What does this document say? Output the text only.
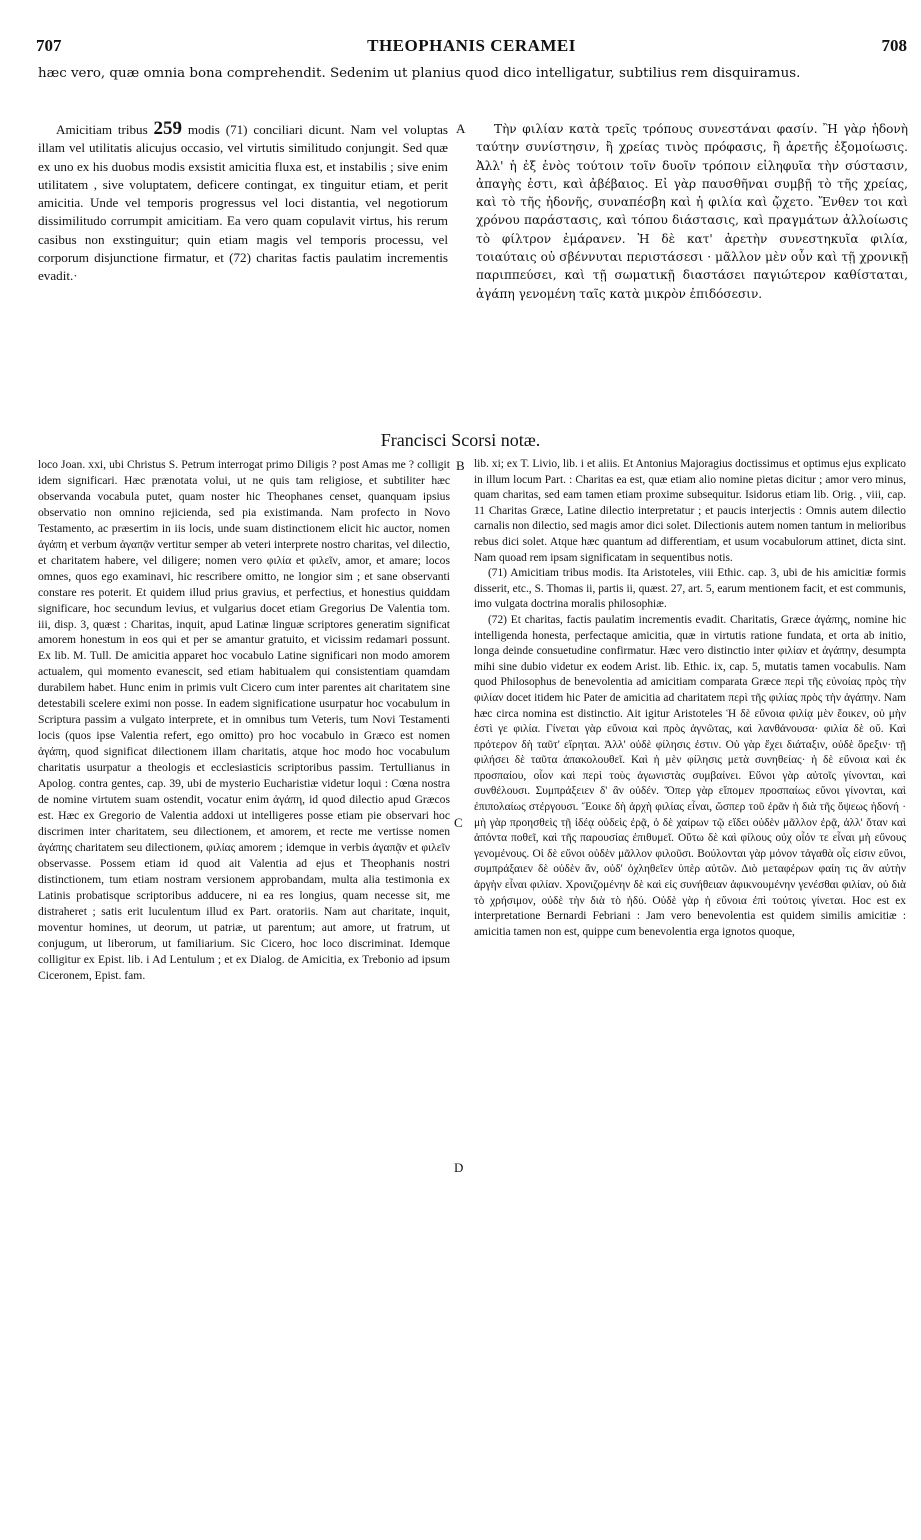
707	THEOPHANIS CERAMEI	708
hæc vero, quæ omnia bona comprehendit. Sedenim ut planius quod dico intelligatur, subtilius rem disquiramus.

Amicitiam tribus 259 modis (71) conciliari dicunt. Nam vel voluptas illam vel utilitatis alicujus occasio, vel virtutis similitudo conjungit. Sed quæ ex uno ex his duobus modis exsistit amicitia fluxa est, et instabilis ; sive enim utilitatem , sive voluptatem, deficere contingat, ex tinguitur etiam, et perit amicitia. Unde vel temporis progressus vel loci distantia, vel negotiorum dissimilitudo corrumpit amicitiam. Ea vero quam copulavit virtus, his rerum casibus non exstinguitur; quin etiam magis vel temporis processu, vel corporum disjunctione firmatur, et (72) charitas factis paulatim incrementis evadit.·

A	Τὴν φιλίαν κατὰ τρεῖς τρόπους συνεστάναι φασίν. Ἢ γὰρ ἡδονὴ ταύτην συνίστησιν, ἢ χρείας τινὸς πρόφασις, ἢ ἀρετῆς ἐξομοίωσις. Ἀλλ' ἡ ἐξ ἑνὸς τούτοιν τοῖν δυοῖν τρόποιν εἰληφυῖα τὴν σύστασιν, ἀπαγὴς ἐστι, καὶ ἀβέβαιος. Εἰ γὰρ παυσθῆναι συμβῇ τὸ τῆς χρείας, καὶ τὸ τῆς ἡδονῆς, συναπέσβη καὶ ἡ φιλία καὶ ᾤχετο. Ἔνθεν τοι καὶ χρόνου παράστασις, καὶ τόπου διάστασις, καὶ πραγμάτων ἀλλοίωσις τὸ φίλτρον ἐμάρανεν. Ἡ δὲ κατ' ἀρετὴν συνεστηκυῖα φιλία, τοιαύταις οὐ σβέννυται περιστάσεσι · μᾶλλον μὲν οὖν καὶ τῇ χρονικῇ παριππεύσει, καὶ τῇ σωματικῇ διαστάσει παγιώτερον καθίσταται, ἀγάπη γενομένη ταῖς κατὰ μικρὸν ἐπιδόσεσιν.

Francisci Scorsi notæ.

loco Joan. xxi, ubi Christus S. Petrum interrogat primo Diligis ? post Amas me ? colligit idem significari. Hæc prænotata volui, ut ne quis tam religiose, et subtiliter hæc observanda vocabula putet, quam noster hic Theophanes censet, quanquam ipsius observatio non omnino rejicienda, sed pia existimanda. Nam profecto in Novo Testamento, ac præsertim in iis locis, unde suam distinctionem elicit hic auctor, nomen ἀγάπη et verbum ἀγαπᾷν vertitur semper ab veteri interprete nostro charitas, vel dilectio, et charitatem habere, vel diligere; nomen vero φιλία et φιλεῖν, amor, et amare; locos omnes, quos ego examinavi, hic rescribere omitto, ne longior sim ; et sane observanti constare res poterit. Et quidem illud prius gravius, et perfectius, et honestius quiddam significare, hoc secundum levius, et vulgarius docet etiam Gregorius De Valentia tom. iii, disp. 3, quæst : Charitas, inquit, apud Latinæ linguæ scriptores generatim significat amorem honestum in eos qui et per se amantur gratuito, et vicissim redamari possunt. Ex lib. M. Tull. De amicitia apparet hoc vocabulo Latine significari non modo amorem actualem, qui momento evanescit, sed etiam habitualem qui consistentiam quamdam durabilem habet. Hunc enim in primis vult Cicero cum inter parentes ait charitatem sine detestabili scelere eximi non posse. In eadem significatione usurpatur hoc vocabulum in Scriptura passim a vulgato interprete, et in omnibus tum Veteris, tum Novi Testamenti locis (quos ipse Valentia refert, ego omitto) pro hoc vocabulo in Græco est nomen ἀγάπη, quod significat dilectionem illam charitatis, atque hoc modo hoc vocabulum charitatis usurpatur a theologis et ecclesiasticis scriptoribus passim. Tertullianus in Apolog. contra gentes, cap. 39, ubi de mysterio Eucharistiæ videtur loqui : Cœna nostra de nomine virtutem suam ostendit, vocatur enim ἀγάπη, id quod dilectio apud Græcos est. Hæc ex Gregorio de Valentia addoxi ut intelligeres posse etiam pie observari hoc discrimen inter charitatem, seu dilectionem, et amorem, et recte me vertisse nomen ἀγάπης charitatem seu dilectionem, φιλίας amorem ; idemque in verbis ἀγαπᾷν et φιλεῖν observasse. Possem etiam id quod ait Valentia ad ejus et Theophanis nostri distinctionem, tum etiam nostram versionem approbandam, multa alia testimonia ex Latinis probatisque scriptoribus adducere, ni ea res longius, quam necesse sit, me distraheret ; satis erit luculentum illud ex Part. oratoriis. Nam aut charitate, inquit, moventur homines, ut deorum, ut patriæ, ut parentum; aut amore, ut fratrum, ut conjugum, ut liberorum, ut familiarium. Sic Cicero, hoc loco discriminat. Idemque colligitur ex Epist. lib. i Ad Lentulum ; et ex Dialog. de Amicitia, ex Trebonio ad ipsum Ciceronem, Epist. fam.

B
C
D

lib. xi; ex T. Livio, lib. i et aliis. Et Antonius Majoragius doctissimus et optimus ejus explicato in illum locum Part. : Charitas ea est, quæ etiam alio nomine pietas dicitur ; amor vero minus, quam charitas, sed eam tamen etiam proxime subsequitur. Isidorus etiam lib. Orig. , viii, cap. 11 Charitas Græce, Latine dilectio interpretatur ; et paucis interjectis : Omnis autem dilectio carnalis non dilectio, sed magis amor dici solet. Dilectionis autem nomen tantum in melioribus rebus dici solet. Atque hæc quantum ad differentiam, et usum vocabulorum attinet, dicta sint. Nam quoad rem ipsam significatam in sequentibus notis.

(71) Amicitiam tribus modis. Ita Aristoteles, viii Ethic. cap. 3, ubi de his amicitiæ formis disserit, etc., S. Thomas ii, partis ii, quæst. 27, art. 5, earum mentionem facit, et est communis, imo vulgata doctrina moralis philosophiæ.

(72) Et charitas, factis paulatim incrementis evadit. Charitatis, Græce ἀγάπης, nomine hic intelligenda honesta, perfectaque amicitia, quæ in virtutis ratione fundata, et orta ab initio, longa deinde consuetudine confirmatur. Hæc vero distinctio inter φιλίαν et ἀγάπην, desumpta mihi sine dubio videtur ex eodem Arist. lib. Ethic. ix, cap. 5, mutatis tamen vocabulis. Nam quod Philosophus de benevolentia ad amicitiam comparata Græce περὶ τῆς εὐνοίας πρὸς τὴν φιλίαν docet itidem hic Pater de amicitia ad charitatem περὶ τῆς φιλίας πρὸς τὴν ἀγάπην. Nam hæc circa nomina est distinctio. Ait igitur Aristoteles Ἡ δὲ εὔνοια φιλίᾳ μὲν ἔοικεν, οὐ μὴν ἐστὶ γε φιλία. Γίνεται γὰρ εὔνοια καὶ πρὸς ἀγνῶτας, καὶ λανθάνουσα· φιλία δὲ οὔ. Καὶ πρότερον δὴ ταῦτ' εἴρηται. Ἀλλ' οὐδὲ φίλησις ἐστιν. Οὐ γὰρ ἔχει διάταξιν, οὐδὲ ὄρεξιν· τῇ φιλήσει δὲ ταῦτα ἀπακολουθεῖ. Καὶ ἡ μὲν φίλησις μετὰ συνηθείας· ἡ δὲ εὔνοια καὶ ἐκ προσπαίου, οἷον καὶ περὶ τοὺς ἀγωνιστὰς συμβαίνει. Εὔνοι γὰρ αὐτοῖς γίνονται, καὶ συνθέλουσι. Συμπράξειεν δ' ἂν οὐδέν. Ὅπερ γὰρ εἴπομεν προσπαίως εὔνοι γίνονται, καὶ ἐπιπολαίως στέργουσι. Ἔοικε δὴ ἀρχὴ φιλίας εἶναι, ὥσπερ τοῦ ἐρᾶν ἡ διὰ τῆς ὄψεως ἡδονή · μὴ γὰρ προησθεὶς τῇ ἰδέᾳ οὐδεὶς ἐρᾷ, ὁ δὲ χαίρων τῷ εἴδει οὐδὲν μᾶλλον ἐρᾷ, ἀλλ' ὅταν καὶ ἀπόντα ποθεῖ, καὶ τῆς παρουσίας ἐπιθυμεῖ. Οὕτω δὲ καὶ φίλους οὐχ οἷόν τε εἶναι μὴ εὔνους γενομένους. Οἱ δὲ εὔνοι οὐδὲν μᾶλλον φιλοῦσι. Βούλονται γὰρ μόνον τἀγαθὰ οἷς εἰσιν εὔνοι, συμπράξαιεν δὲ οὐδὲν ἄν, οὐδ' ὀχληθεῖεν ὑπὲρ αὐτῶν. Διὸ μεταφέρων φαίη τις ἂν αὐτὴν ἀργὴν εἶναι φιλίαν. Χρονιζομένην δὲ καὶ εἰς συνήθειαν ἀφικνουμένην γενέσθαι φιλίαν, οὐ διὰ τὸ χρήσιμον, οὐδὲ τὴν διὰ τὸ ἡδύ. Οὐδὲ γὰρ ἡ εὔνοια ἐπὶ τούτοις γίνεται. Hoc est ex interpretatione Bernardi Febriani : Jam vero benevolentia est quidem similis amicitiæ : amicitia tamen non est, quippe cum benevolentia erga ignotos quoque,
